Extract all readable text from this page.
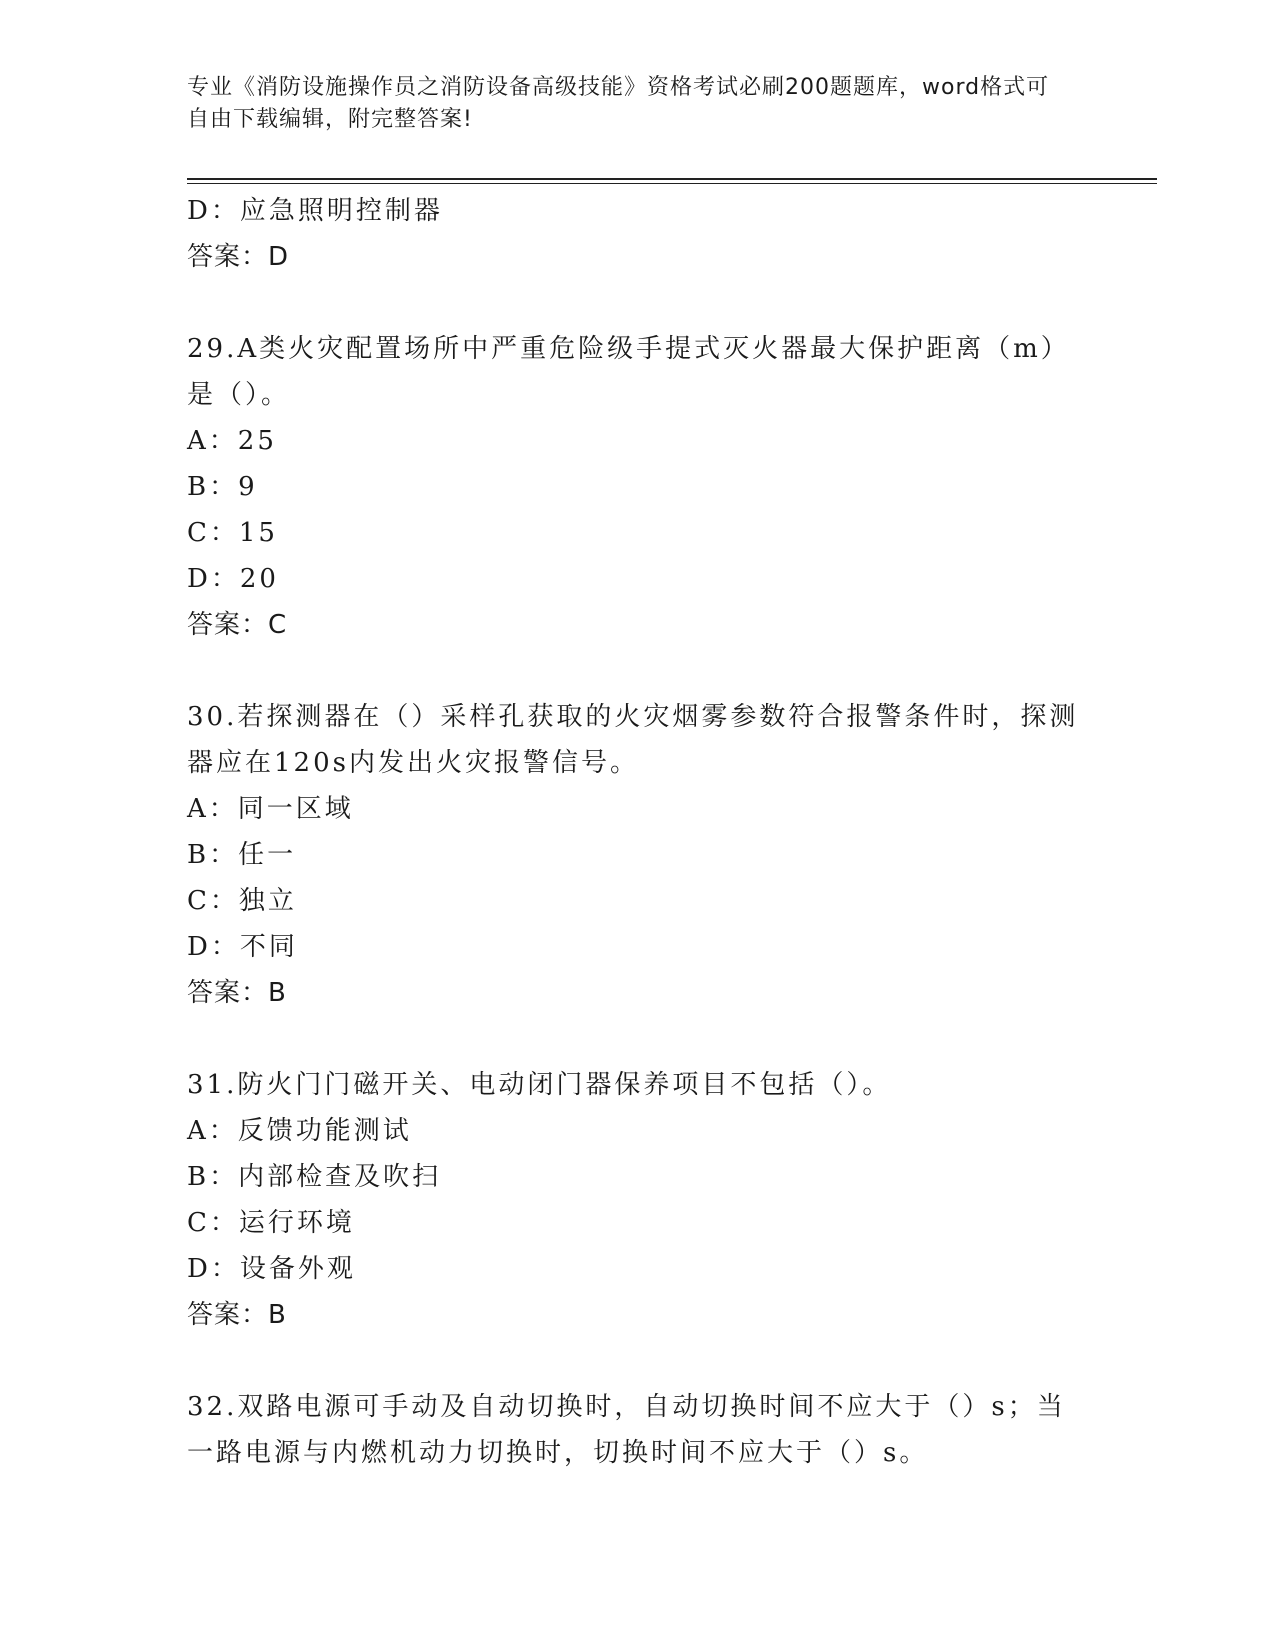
专业《消防设施操作员之消防设备高级技能》资格考试必刷200题题库，word格式可自由下载编辑，附完整答案!
D：应急照明控制器
答案：D
29.A类火灾配置场所中严重危险级手提式灭火器最大保护距离（m）是（）。
A：25
B：9
C：15
D：20
答案：C
30.若探测器在（）采样孔获取的火灾烟雾参数符合报警条件时，探测器应在120s内发出火灾报警信号。
A：同一区域
B：任一
C：独立
D：不同
答案：B
31.防火门门磁开关、电动闭门器保养项目不包括（）。
A：反馈功能测试
B：内部检查及吹扫
C：运行环境
D：设备外观
答案：B
32.双路电源可手动及自动切换时，自动切换时间不应大于（）s；当一路电源与内燃机动力切换时，切换时间不应大于（）s。
